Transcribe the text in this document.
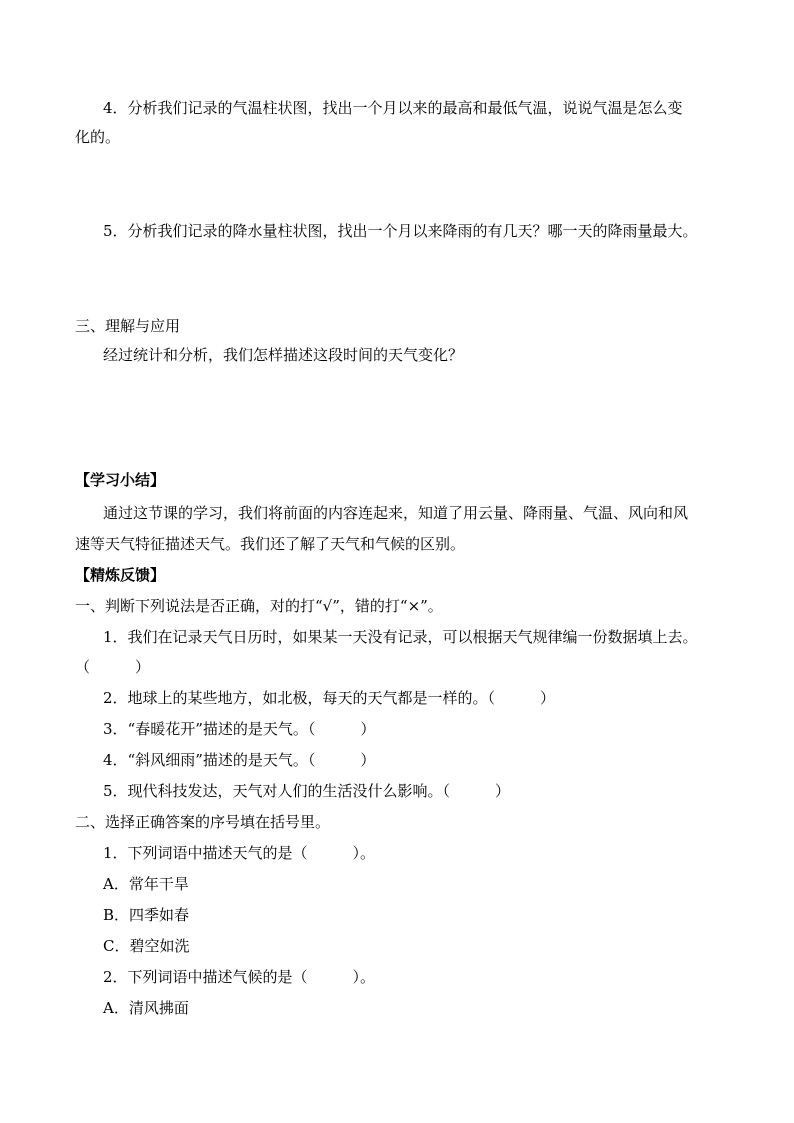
4．分析我们记录的气温柱状图，找出一个月以来的最高和最低气温，说说气温是怎么变
化的。
5．分析我们记录的降水量柱状图，找出一个月以来降雨的有几天？哪一天的降雨量最大。
三、理解与应用
经过统计和分析，我们怎样描述这段时间的天气变化？
【学习小结】
通过这节课的学习，我们将前面的内容连起来，知道了用云量、降雨量、气温、风向和风
速等天气特征描述天气。我们还了解了天气和气候的区别。
【精炼反馈】
一、判断下列说法是否正确，对的打“√”，错的打“×”。
1．我们在记录天气日历时，如果某一天没有记录，可以根据天气规律编一份数据填上去。
（　　　）
2．地球上的某些地方，如北极，每天的天气都是一样的。（　　　）
3．“春暖花开”描述的是天气。（　　　）
4．“斜风细雨”描述的是天气。（　　　）
5．现代科技发达，天气对人们的生活没什么影响。（　　　）
二、选择正确答案的序号填在括号里。
1．下列词语中描述天气的是（　　　）。
A．常年干旱
B．四季如春
C．碧空如洗
2．下列词语中描述气候的是（　　　）。
A．清风拂面
